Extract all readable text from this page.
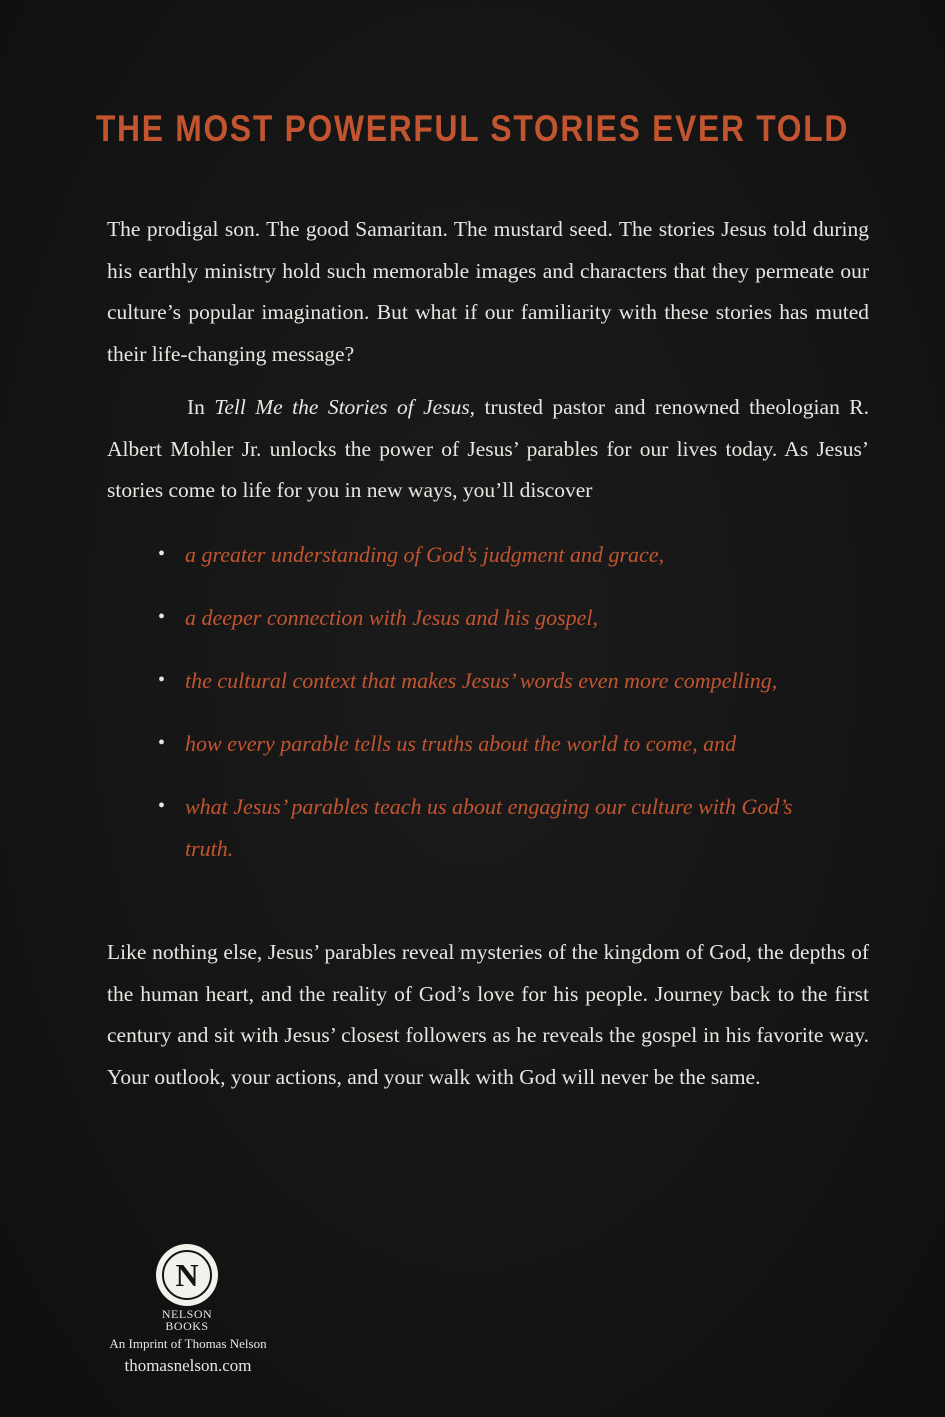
THE MOST POWERFUL STORIES EVER TOLD

The prodigal son. The good Samaritan. The mustard seed. The stories Jesus told during his earthly ministry hold such memorable images and characters that they permeate our culture’s popular imagination. But what if our familiarity with these stories has muted their life-changing message?

In Tell Me the Stories of Jesus, trusted pastor and renowned theologian R. Albert Mohler Jr. unlocks the power of Jesus’ parables for our lives today. As Jesus’ stories come to life for you in new ways, you’ll discover

• a greater understanding of God’s judgment and grace,
• a deeper connection with Jesus and his gospel,
• the cultural context that makes Jesus’ words even more compelling,
• how every parable tells us truths about the world to come, and
• what Jesus’ parables teach us about engaging our culture with God’s truth.

Like nothing else, Jesus’ parables reveal mysteries of the kingdom of God, the depths of the human heart, and the reality of God’s love for his people. Journey back to the first century and sit with Jesus’ closest followers as he reveals the gospel in his favorite way. Your outlook, your actions, and your walk with God will never be the same.

N
NELSON
BOOKS
An Imprint of Thomas Nelson
thomasnelson.com
